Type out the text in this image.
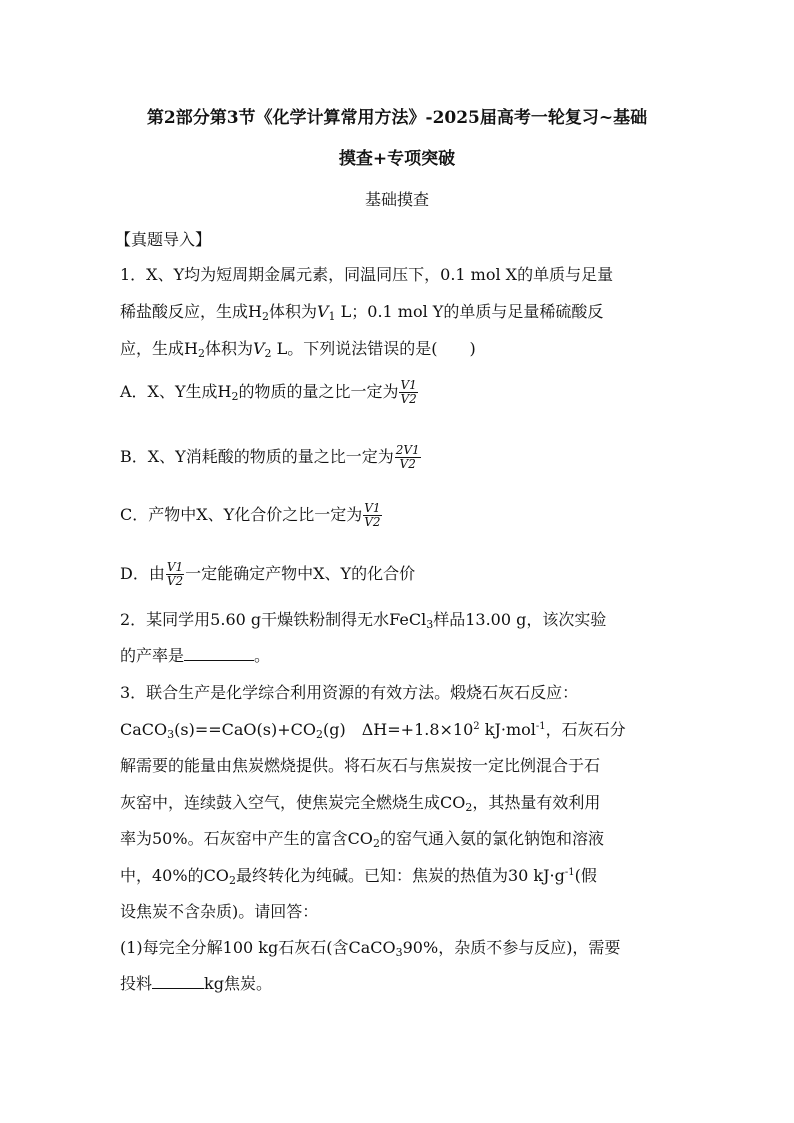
第2部分第3节《化学计算常用方法》-2025届高考一轮复习~基础
摸查+专项突破
基础摸查
【真题导入】
1．X、Y均为短周期金属元素，同温同压下，0.1 mol X的单质与足量
稀盐酸反应，生成$H_2$体积为$V_1$ L；0.1 mol Y的单质与足量稀硫酸反
应，生成$H_2$体积为$V_2$ L。下列说法错误的是(　　)
A．X、Y生成$H_2$的物质的量之比一定为 $\frac{V1}{V2}$
B．X、Y消耗酸的物质的量之比一定为 $\frac{2V1}{V2}$
C．产物中X、Y化合价之比一定为 $\frac{V1}{V2}$
D．由 $\frac{V1}{V2}$ 一定能确定产物中X、Y的化合价
2．某同学用5.60 g干燥铁粉制得无水FeCl$_3$样品13.00 g，该次实验
的产率是	。
3．联合生产是化学综合利用资源的有效方法。煅烧石灰石反应：
$CaCO_3(s)==CaO(s)+CO_2(g)$　$\Delta H=+1.8\times 10^2$ kJ·mol$^{-1}$，石灰石分
解需要的能量由焦炭燃烧提供。将石灰石与焦炭按一定比例混合于石
灰窑中，连续鼓入空气，使焦炭完全燃烧生成$CO_2$，其热量有效利用
率为50%。石灰窑中产生的富含$CO_2$的窑气通入氨的氯化钠饱和溶液
中，40%的$CO_2$最终转化为纯碱。已知：焦炭的热值为30 $kJ\cdot g^{-1}$(假
设焦炭不含杂质)。请回答：
(1)每完全分解100 kg石灰石(含CaCO$_3$90%，杂质不参与反应)，需要
投料	kg焦炭。
